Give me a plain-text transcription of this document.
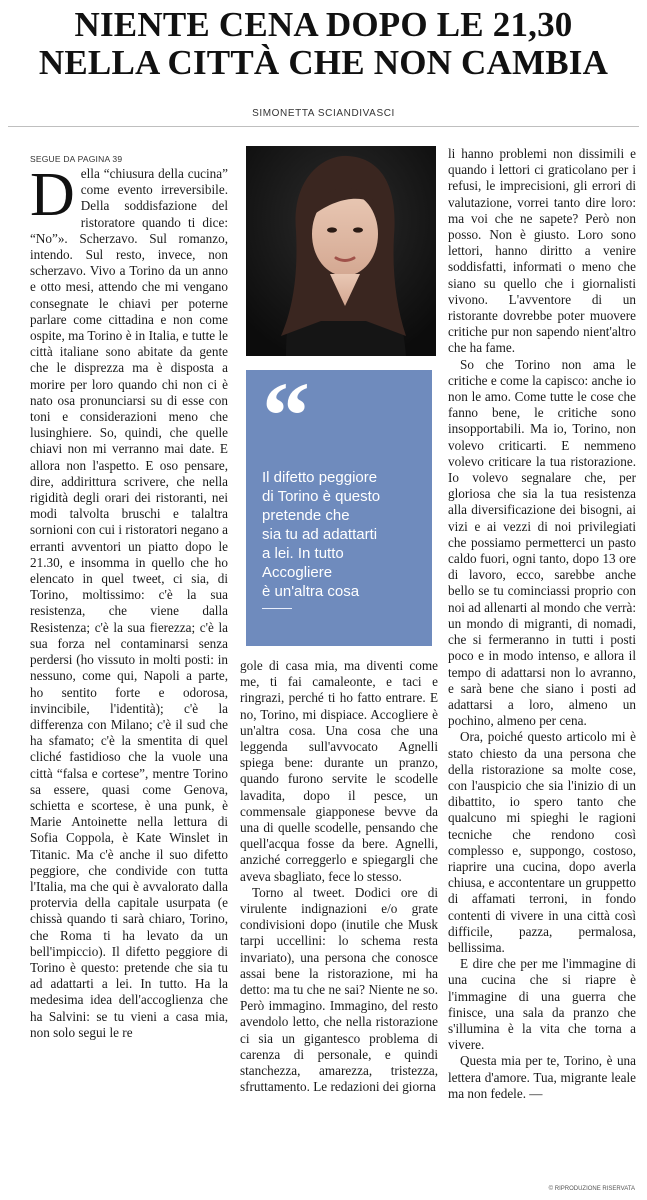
NIENTE CENA DOPO LE 21,30
NELLA CITTÀ CHE NON CAMBIA
SIMONETTA SCIANDIVASCI
SEGUE DA PAGINA 39

Della “chiusura della cucina” come evento irreversibile. Della soddisfazione del ristoratore quando ti dice: “No”». Scherzavo. Sul romanzo, intendo. Sul resto, invece, non scherzavo. Vivo a Torino da un anno e otto mesi, attendo che mi vengano consegnate le chiavi per poterne parlare come cittadina e non come ospite, ma Torino è in Italia, e tutte le città italiane sono abitate da gente che le disprezza ma è disposta a morire per loro quando chi non ci è nato osa pronunciarsi su di esse con toni e considerazioni meno che lusinghiere. So, quindi, che quelle chiavi non mi verranno mai date. E allora non l'aspetto. E oso pensare, dire, addirittura scrivere, che nella rigidità degli orari dei ristoranti, nei modi talvolta bruschi e talaltra sornioni con cui i ristoratori negano a erranti avventori un piatto dopo le 21.30, e insomma in quello che ho elencato in quel tweet, ci sia, di Torino, moltissimo: c'è la sua resistenza, che viene dalla Resistenza; c'è la sua fierezza; c'è la sua forza nel contaminarsi senza perdersi (ho vissuto in molti posti: in nessuno, come qui, Napoli a parte, ho sentito forte e odorosa, invincibile, l'identità); c'è la differenza con Milano; c'è il sud che ha sfamato; c'è la smentita di quel cliché fastidioso che la vuole una città “falsa e cortese”, mentre Torino sa essere, quasi come Genova, schietta e scortese, è una punk, è Marie Antoinette nella lettura di Sofia Coppola, è Kate Winslet in Titanic. Ma c'è anche il suo difetto peggiore, che condivide con tutta l'Italia, ma che qui è avvalorato dalla protervia della capitale usurpata (e chissà quando ti sarà chiaro, Torino, che Roma ti ha levato da un bell'impiccio). Il difetto peggiore di Torino è questo: pretende che sia tu ad adattarti a lei. In tutto. Ha la medesima idea dell'accoglienza che ha Salvini: se tu vieni a casa mia, non solo segui le re

“
Il difetto peggiore
di Torino è questo
pretende che
sia tu ad adattarti
a lei. In tutto
Accogliere
è un'altra cosa

gole di casa mia, ma diventi come me, ti fai camaleonte, e taci e ringrazi, perché ti ho fatto entrare. E no, Torino, mi dispiace. Accogliere è un'altra cosa. Una cosa che una leggenda sull'avvocato Agnelli spiega bene: durante un pranzo, quando furono servite le scodelle lavadita, dopo il pesce, un commensale giapponese bevve da una di quelle scodelle, pensando che quell'acqua fosse da bere. Agnelli, anziché correggerlo e spiegargli che aveva sbagliato, fece lo stesso.

Torno al tweet. Dodici ore di virulente indignazioni e/o grate condivisioni dopo (inutile che Musk tarpi uccellini: lo schema resta invariato), una persona che conosce assai bene la ristorazione, mi ha detto: ma tu che ne sai? Niente ne so. Però immagino. Immagino, del resto avendolo letto, che nella ristorazione ci sia un gigantesco problema di carenza di personale, e quindi stanchezza, amarezza, tristezza, sfruttamento. Le redazioni dei giorna

li hanno problemi non dissimili e quando i lettori ci graticolano per i refusi, le imprecisioni, gli errori di valutazione, vorrei tanto dire loro: ma voi che ne sapete? Però non posso. Non è giusto. Loro sono lettori, hanno diritto a venire soddisfatti, informati o meno che siano su quello che i giornalisti vivono. L'avventore di un ristorante dovrebbe poter muovere critiche pur non sapendo nient'altro che ha fame.

So che Torino non ama le critiche e come la capisco: anche io non le amo. Come tutte le cose che fanno bene, le critiche sono insopportabili. Ma io, Torino, non volevo criticarti. E nemmeno volevo criticare la tua ristorazione. Io volevo segnalare che, per gloriosa che sia la tua resistenza alla diversificazione dei bisogni, ai vizi e ai vezzi di noi privilegiati che possiamo permetterci un pasto caldo fuori, ogni tanto, dopo 13 ore di lavoro, ecco, sarebbe anche bello se tu cominciassi proprio con noi ad allenarti al mondo che verrà: un mondo di migranti, di nomadi, che si fermeranno in tutti i posti poco e in modo intenso, e allora il tempo di adattarsi non lo avranno, e sarà bene che siano i posti ad adattarsi a loro, almeno un pochino, almeno per cena.

Ora, poiché questo articolo mi è stato chiesto da una persona che della ristorazione sa molte cose, con l'auspicio che sia l'inizio di un dibattito, io spero tanto che qualcuno mi spieghi le ragioni tecniche che rendono così complesso e, suppongo, costoso, riaprire una cucina, dopo averla chiusa, e accontentare un gruppetto di affamati terroni, in fondo contenti di vivere in una città così difficile, pazza, permalosa, bellissima.

E dire che per me l'immagine di una cucina che si riapre è l'immagine di una guerra che finisce, una sala da pranzo che s'illumina è la vita che torna a vivere.

Questa mia per te, Torino, è una lettera d'amore. Tua, migrante leale ma non fedele. —

© RIPRODUZIONE RISERVATA
